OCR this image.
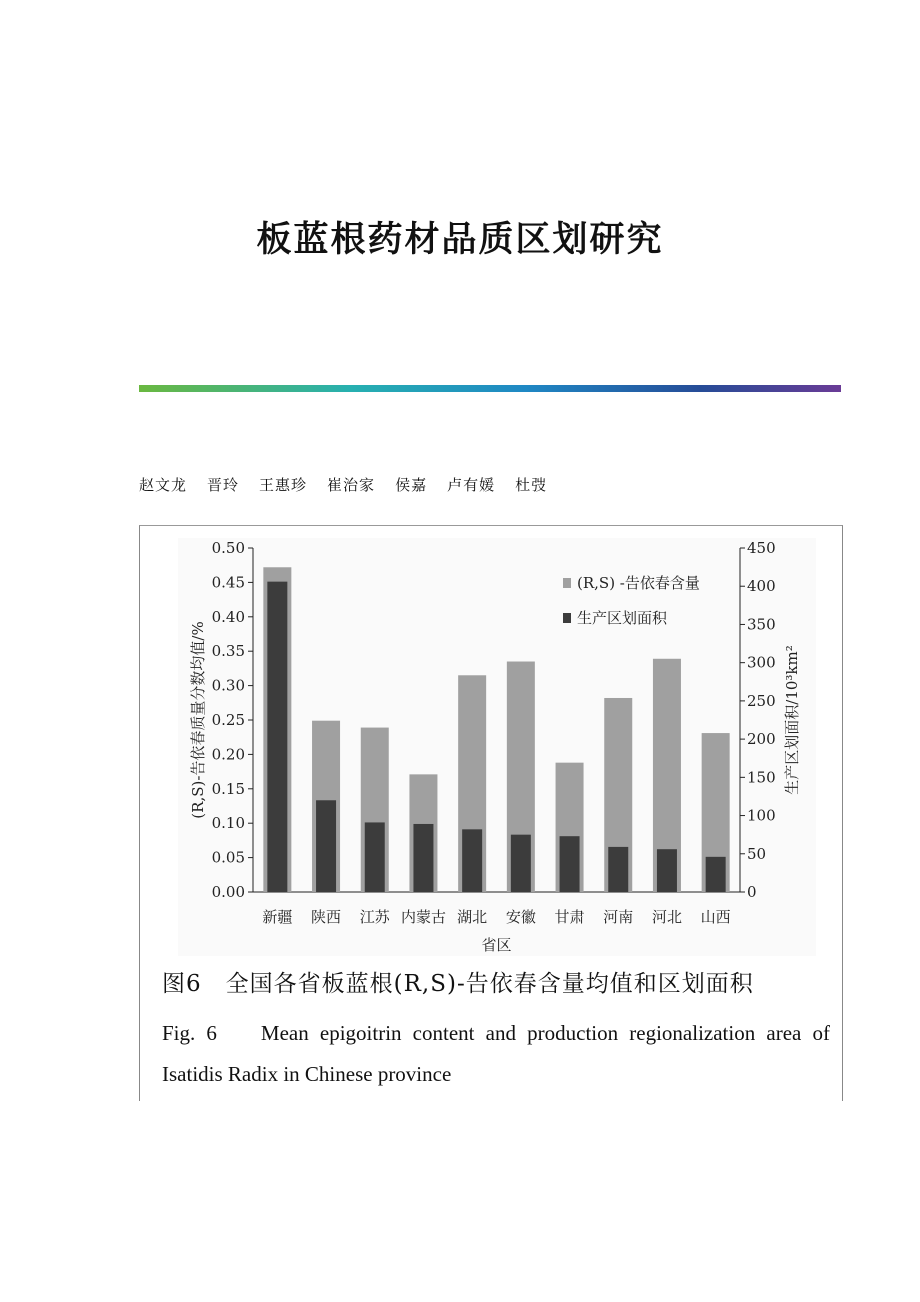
板蓝根药材品质区划研究
赵文龙 晋玲 王惠珍 崔治家 侯嘉 卢有媛 杜弢
0.00
0.05
0.10
0.15
0.20
0.25
0.30
0.35
0.40
0.45
0.50
0
50
100
150
200
250
300
350
400
450
新疆 陕西 江苏 内蒙古 湖北 安徽 甘肃 河南 河北 山西
省区
(R,S)-告依春质量分数均值/%	生产区划面积/10³km²
(R,S) -告依春含量
生产区划面积
图6　全国各省板蓝根(R,S)-告依春含量均值和区划面积
Fig. 6　 Mean epigoitrin content and production regionalization area of Isatidis Radix in Chinese province
